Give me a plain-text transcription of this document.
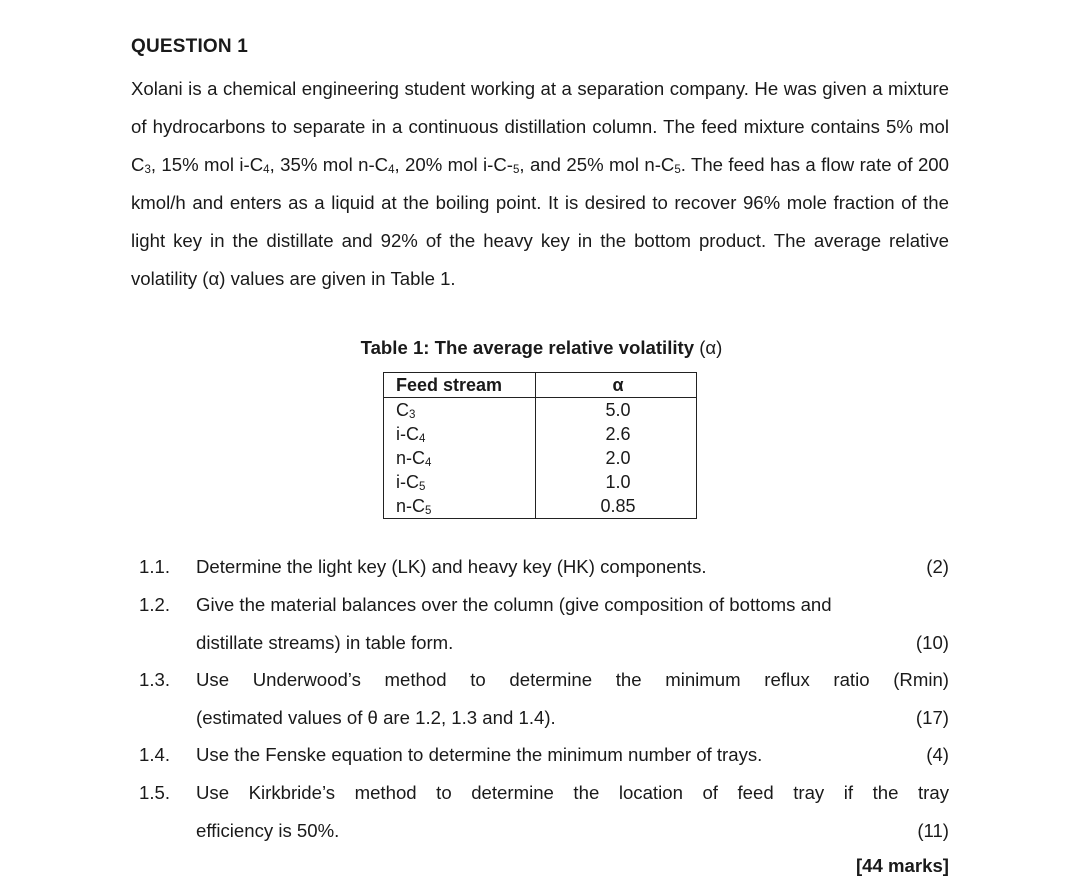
QUESTION 1
Xolani is a chemical engineering student working at a separation company. He was given a mixture of hydrocarbons to separate in a continuous distillation column. The feed mixture contains 5% mol $C_3$, 15% mol $i-C_4$, 35% mol $n-C_4$, 20% mol $i-C-_5$, and 25% mol $n-C_5$. The feed has a flow rate of 200 kmol/h and enters as a liquid at the boiling point. It is desired to recover 96% mole fraction of the light key in the distillate and 92% of the heavy key in the bottom product. The average relative volatility (α) values are given in Table 1.
Table 1: The average relative volatility (α)
Feed stream	α
$C_3$	5.0
$i-C_4$	2.6
$n-C_4$	2.0
$i-C_5$	1.0
$n-C_5$	0.85
1.1. Determine the light key (LK) and heavy key (HK) components.	(2)
1.2. Give the material balances over the column (give composition of bottoms and
distillate streams) in table form.	(10)
1.3. Use Underwood’s method to determine the minimum reflux ratio (Rmin)
(estimated values of θ are 1.2, 1.3 and 1.4).	(17)
1.4. Use the Fenske equation to determine the minimum number of trays.	(4)
1.5. Use Kirkbride’s method to determine the location of feed tray if the tray
efficiency is 50%.	(11)
[44 marks]
